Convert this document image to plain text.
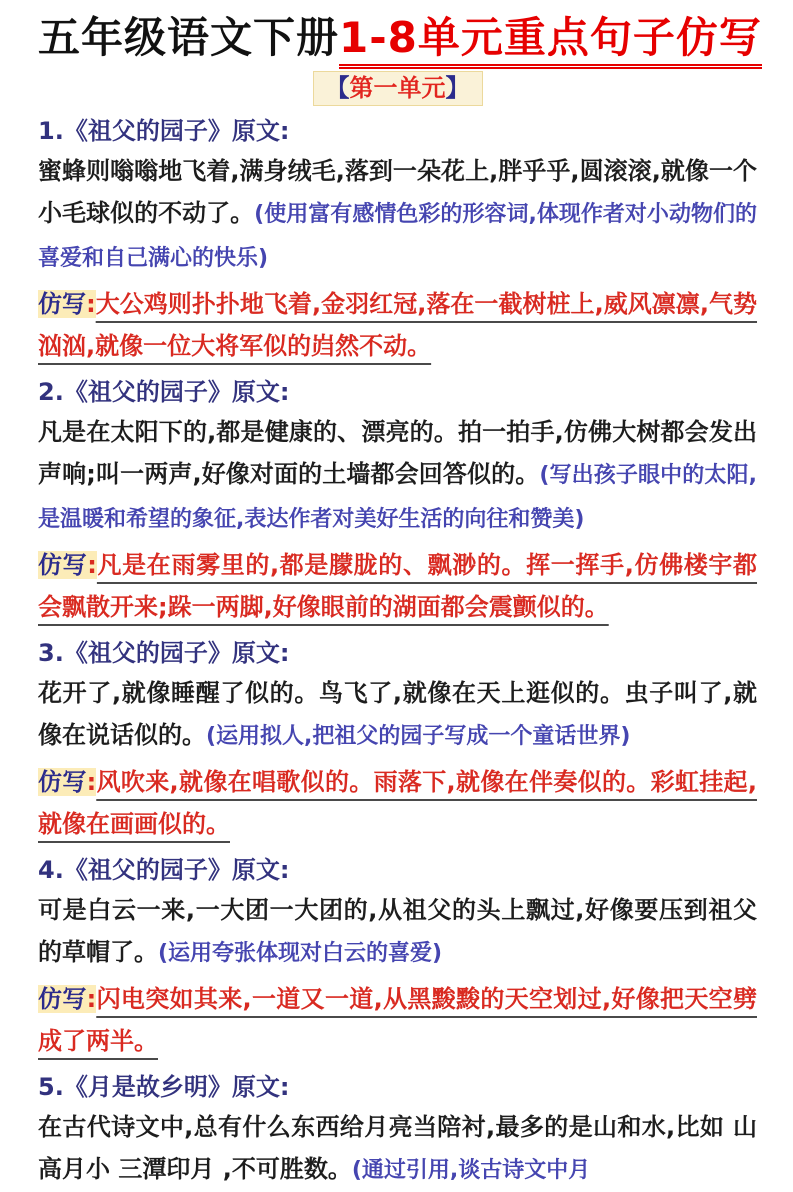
五年级语文下册1-8单元重点句子仿写
【第一单元】
1.《祖父的园子》原文:

蜜蜂则嗡嗡地飞着,满身绒毛,落到一朵花上,胖乎乎,圆滚滚,就像一个小毛球似的不动了。(使用富有感情色彩的形容词,体现作者对小动物们的喜爱和自己满心的快乐)

仿写:大公鸡则扑扑地飞着,金羽红冠,落在一截树桩上,威风凛凛,气势汹汹,就像一位大将军似的岿然不动。

2.《祖父的园子》原文:

凡是在太阳下的,都是健康的、漂亮的。拍一拍手,仿佛大树都会发出声响;叫一两声,好像对面的土墙都会回答似的。(写出孩子眼中的太阳,是温暖和希望的象征,表达作者对美好生活的向往和赞美)

仿写:凡是在雨雾里的,都是朦胧的、飘渺的。挥一挥手,仿佛楼宇都会飘散开来;跺一两脚,好像眼前的湖面都会震颤似的。

3.《祖父的园子》原文:

花开了,就像睡醒了似的。鸟飞了,就像在天上逛似的。虫子叫了,就像在说话似的。(运用拟人,把祖父的园子写成一个童话世界)

仿写:风吹来,就像在唱歌似的。雨落下,就像在伴奏似的。彩虹挂起,就像在画画似的。

4.《祖父的园子》原文:

可是白云一来,一大团一大团的,从祖父的头上飘过,好像要压到祖父的草帽了。(运用夸张体现对白云的喜爱)

仿写:闪电突如其来,一道又一道,从黑黢黢的天空划过,好像把天空劈成了两半。

5.《月是故乡明》原文:

在古代诗文中,总有什么东西给月亮当陪衬,最多的是山和水,比如 山高月小 三潭印月 ,不可胜数。(通过引用,谈古诗文中月
